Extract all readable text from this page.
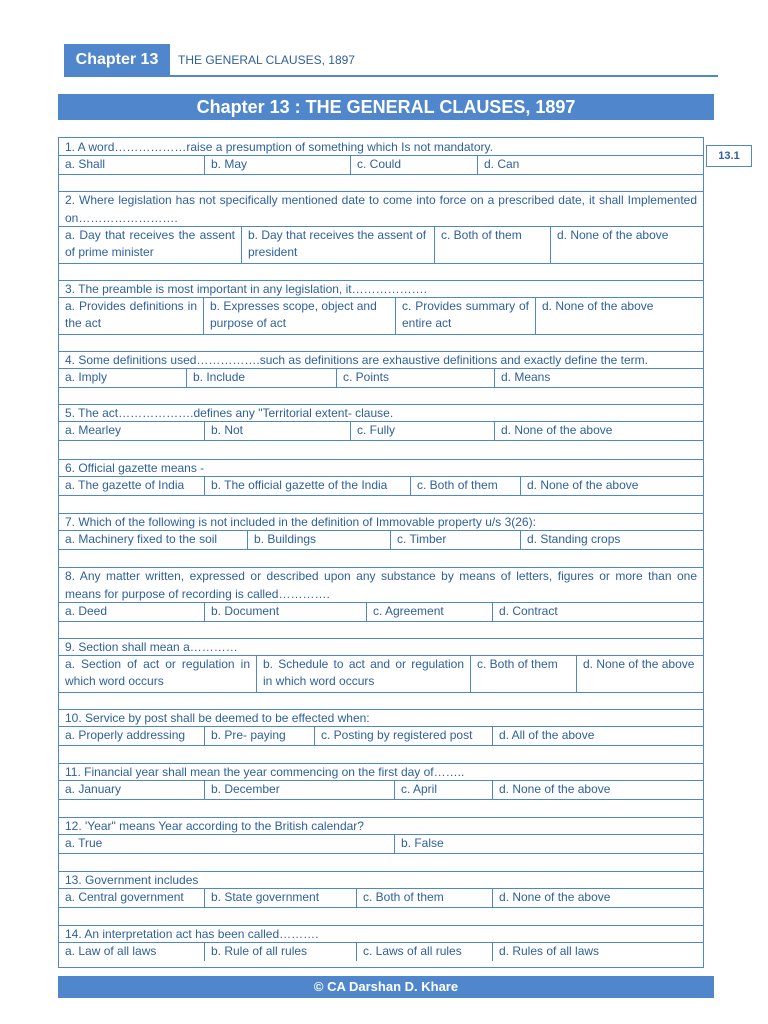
Chapter 13	THE GENERAL CLAUSES, 1897
Chapter 13 : THE GENERAL CLAUSES, 1897
13.1
1. A word………………raise a presumption of something which Is not mandatory.
a. Shall	b. May	c. Could	d. Can
2. Where legislation has not specifically mentioned date to come into force on a prescribed date, it shall Implemented on…………………….
a. Day that receives the assent of prime minister
b. Day that receives the assent of president
c. Both of them	d. None of the above
3. The preamble is most important in any legislation, it……………….
a. Provides definitions in the act
b. Expresses scope, object and purpose of act
c. Provides summary of entire act
d. None of the above
4. Some definitions used…………….such as definitions are exhaustive definitions and exactly define the term.
a. Imply	b. Include	c. Points	d. Means
5. The act……………….defines any "Territorial extent- clause.
a. Mearley	b. Not	c. Fully	d. None of the above
6. Official gazette means -
a. The gazette of India	b. The official gazette of the India	c. Both of them	d. None of the above
7. Which of the following is not included in the definition of Immovable property u/s 3(26):
a. Machinery fixed to the soil	b. Buildings	c. Timber	d. Standing crops
8. Any matter written, expressed or described upon any substance by means of letters, figures or more than one means for purpose of recording is called………….
a. Deed	b. Document	c. Agreement	d. Contract
9. Section shall mean a…………
a. Section of act or regulation in which word occurs
b. Schedule to act and or regulation in which word occurs
c. Both of them	d. None of the above
10. Service by post shall be deemed to be effected when:
a. Properly addressing	b. Pre- paying	c. Posting by registered post	d. All of the above
11. Financial year shall mean the year commencing on the first day of……..
a. January	b. December	c. April	d. None of the above
12. 'Year" means Year according to the British calendar?
a. True	b. False
13. Government includes
a. Central government	b. State government	c. Both of them	d. None of the above
14. An interpretation act has been called……….
a. Law of all laws	b. Rule of all rules	c. Laws of all rules	d. Rules of all laws
© CA Darshan D. Khare
